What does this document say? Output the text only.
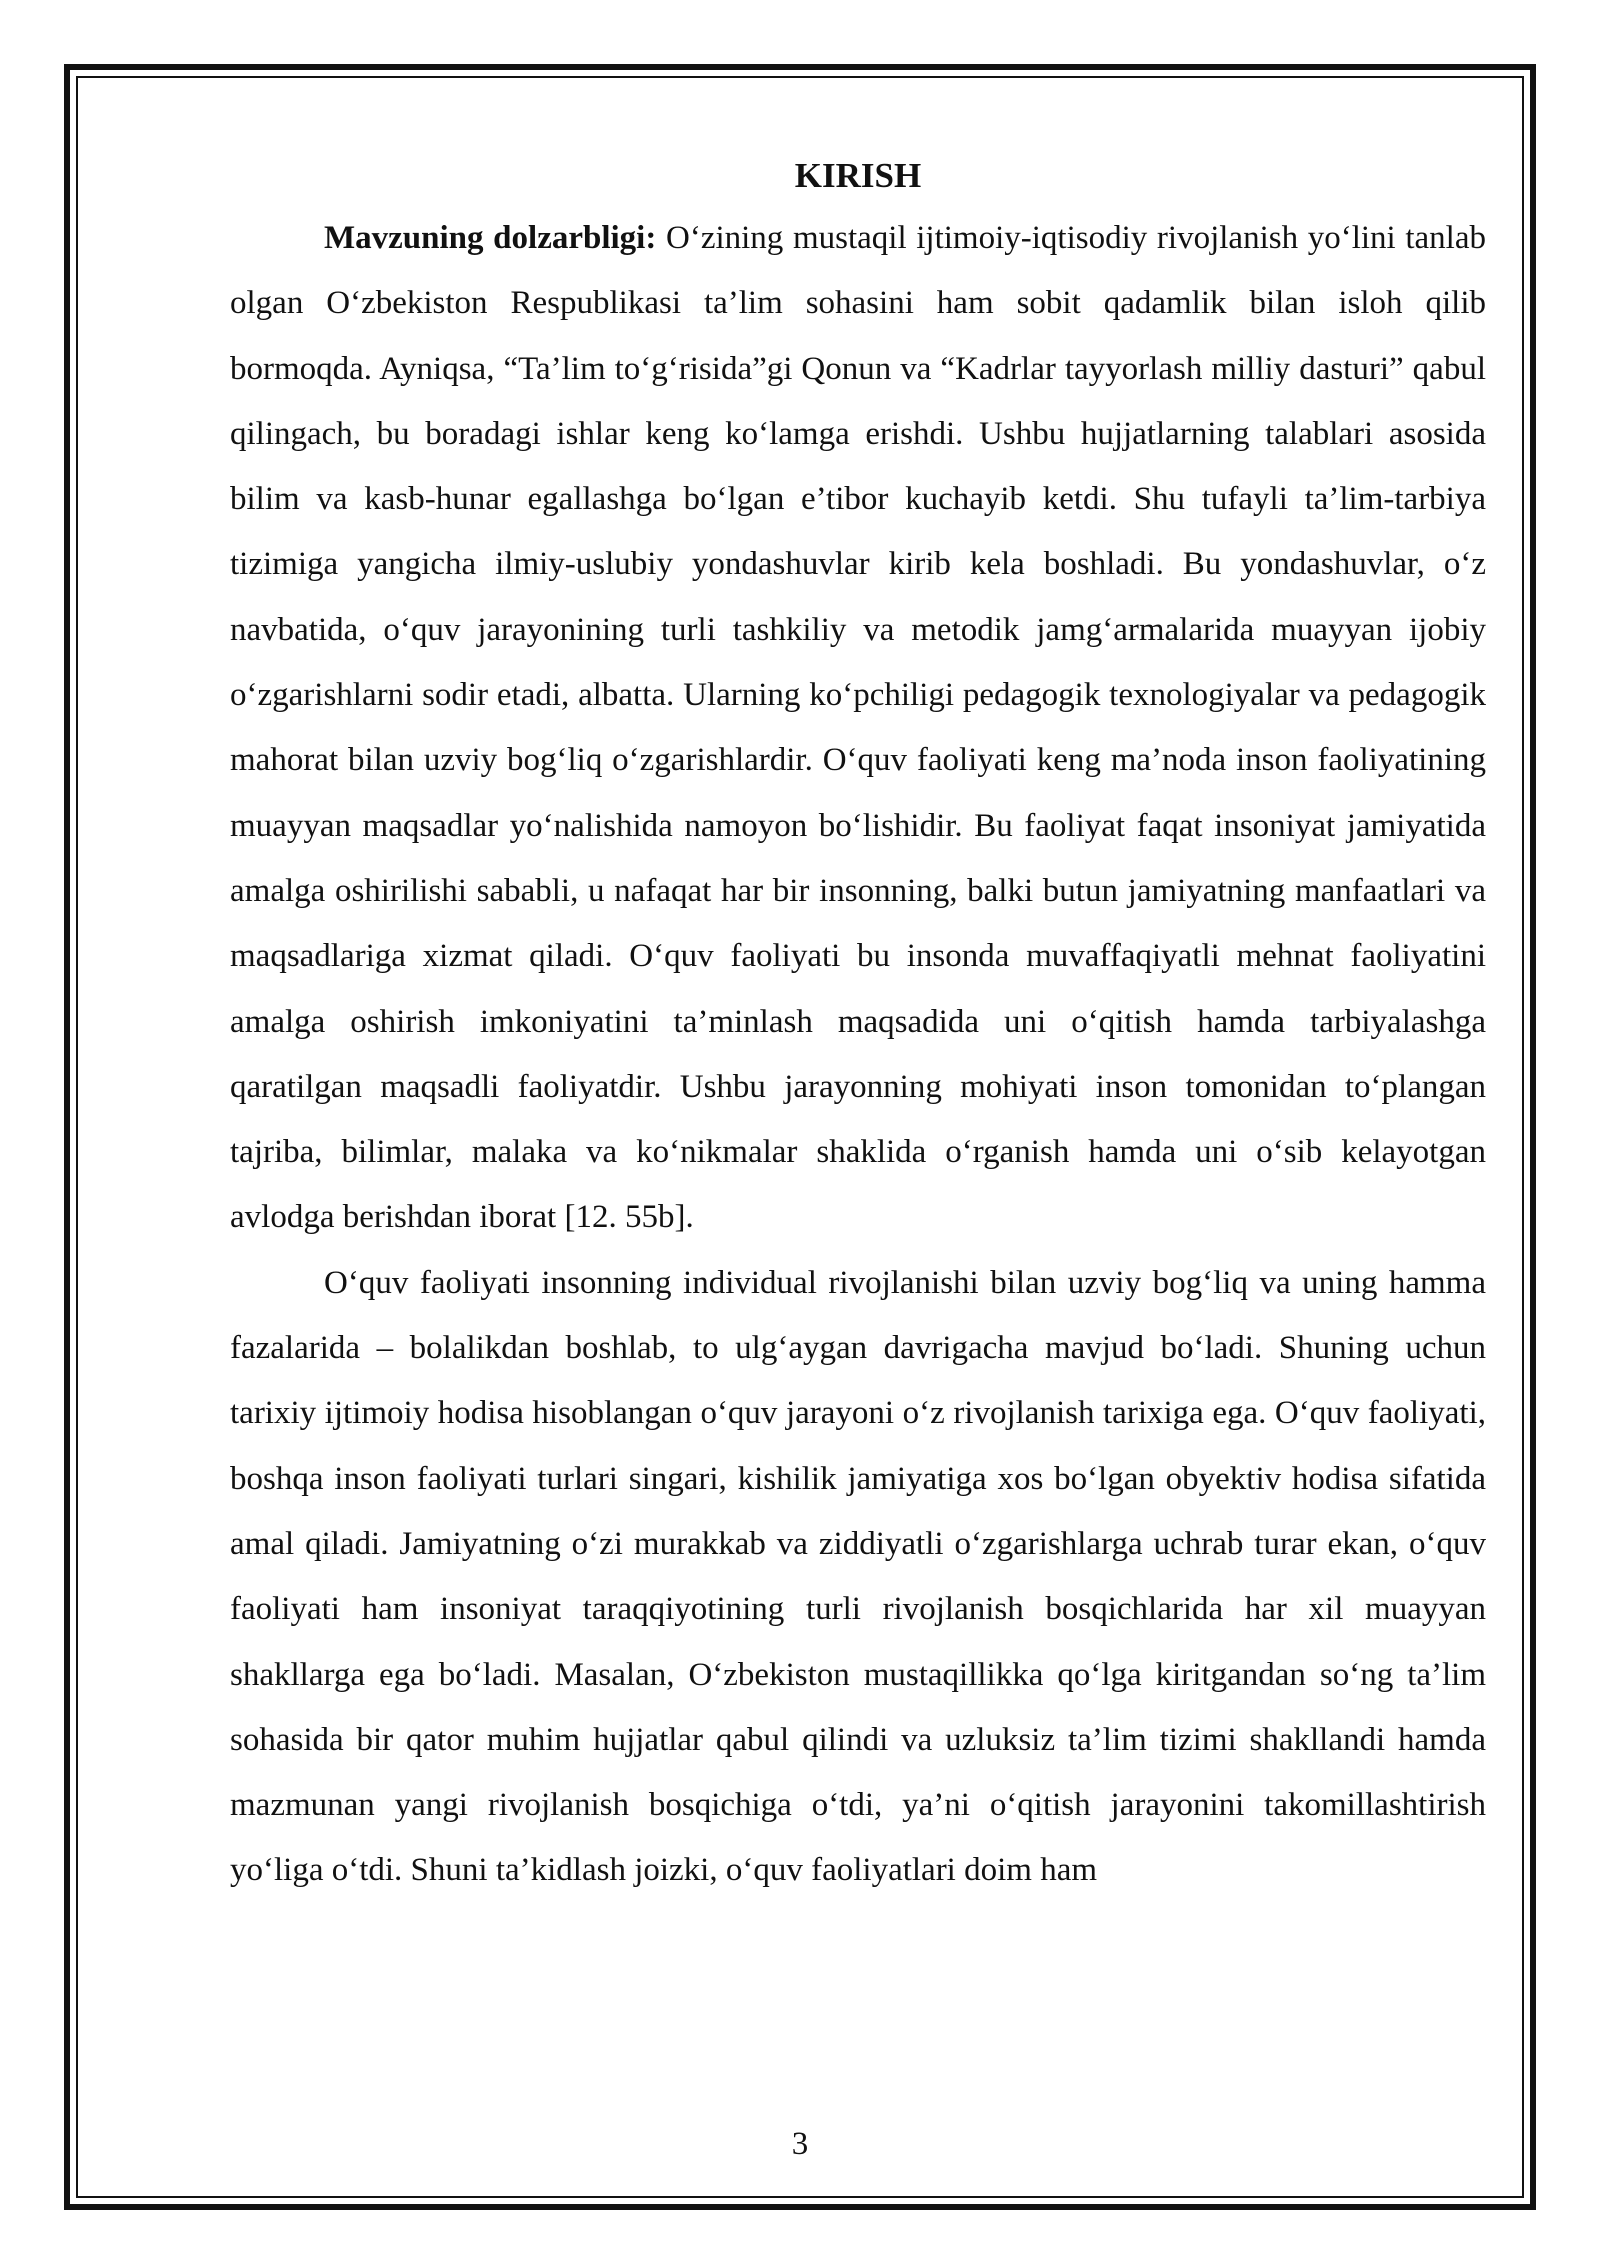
KIRISH

Mavzuning dolzarbligi: O‘zining mustaqil ijtimoiy-iqtisodiy rivojlanish yo‘lini tanlab olgan O‘zbekiston Respublikasi ta’lim sohasini ham sobit qadamlik bilan isloh qilib bormoqda. Ayniqsa, “Ta’lim to‘g‘risida”gi Qonun va “Kadrlar tayyorlash milliy dasturi” qabul qilingach, bu boradagi ishlar keng ko‘lamga erishdi. Ushbu hujjatlarning talablari asosida bilim va kasb-hunar egallashga bo‘lgan e’tibor kuchayib ketdi. Shu tufayli ta’lim-tarbiya tizimiga yangicha ilmiy-uslubiy yondashuvlar kirib kela boshladi. Bu yondashuvlar, o‘z navbatida, o‘quv jarayonining turli tashkiliy va metodik jamg‘armalarida muayyan ijobiy o‘zgarishlarni sodir etadi, albatta. Ularning ko‘pchiligi pedagogik texnologiyalar va pedagogik mahorat bilan uzviy bog‘liq o‘zgarishlardir. O‘quv faoliyati keng ma’noda inson faoliyatining muayyan maqsadlar yo‘nalishida namoyon bo‘lishidir. Bu faoliyat faqat insoniyat jamiyatida amalga oshirilishi sababli, u nafaqat har bir insonning, balki butun jamiyatning manfaatlari va maqsadlariga xizmat qiladi. O‘quv faoliyati bu insonda muvaffaqiyatli mehnat faoliyatini amalga oshirish imkoniyatini ta’minlash maqsadida uni o‘qitish hamda tarbiyalashga qaratilgan maqsadli faoliyatdir. Ushbu jarayonning mohiyati inson tomonidan to‘plangan tajriba, bilimlar, malaka va ko‘nikmalar shaklida o‘rganish hamda uni o‘sib kelayotgan avlodga berishdan iborat [12. 55b].

O‘quv faoliyati insonning individual rivojlanishi bilan uzviy bog‘liq va uning hamma fazalarida – bolalikdan boshlab, to ulg‘aygan davrigacha mavjud bo‘ladi. Shuning uchun tarixiy ijtimoiy hodisa hisoblangan o‘quv jarayoni o‘z rivojlanish tarixiga ega. O‘quv faoliyati, boshqa inson faoliyati turlari singari, kishilik jamiyatiga xos bo‘lgan obyektiv hodisa sifatida amal qiladi. Jamiyatning o‘zi murakkab va ziddiyatli o‘zgarishlarga uchrab turar ekan, o‘quv faoliyati ham insoniyat taraqqiyotining turli rivojlanish bosqichlarida har xil muayyan shakllarga ega bo‘ladi. Masalan, O‘zbekiston mustaqillikka qo‘lga kiritgandan so‘ng ta’lim sohasida bir qator muhim hujjatlar qabul qilindi va uzluksiz ta’lim tizimi shakllandi hamda mazmunan yangi rivojlanish bosqichiga o‘tdi, ya’ni o‘qitish jarayonini takomillashtirish yo‘liga o‘tdi. Shuni ta’kidlash joizki, o‘quv faoliyatlari doim ham

3
